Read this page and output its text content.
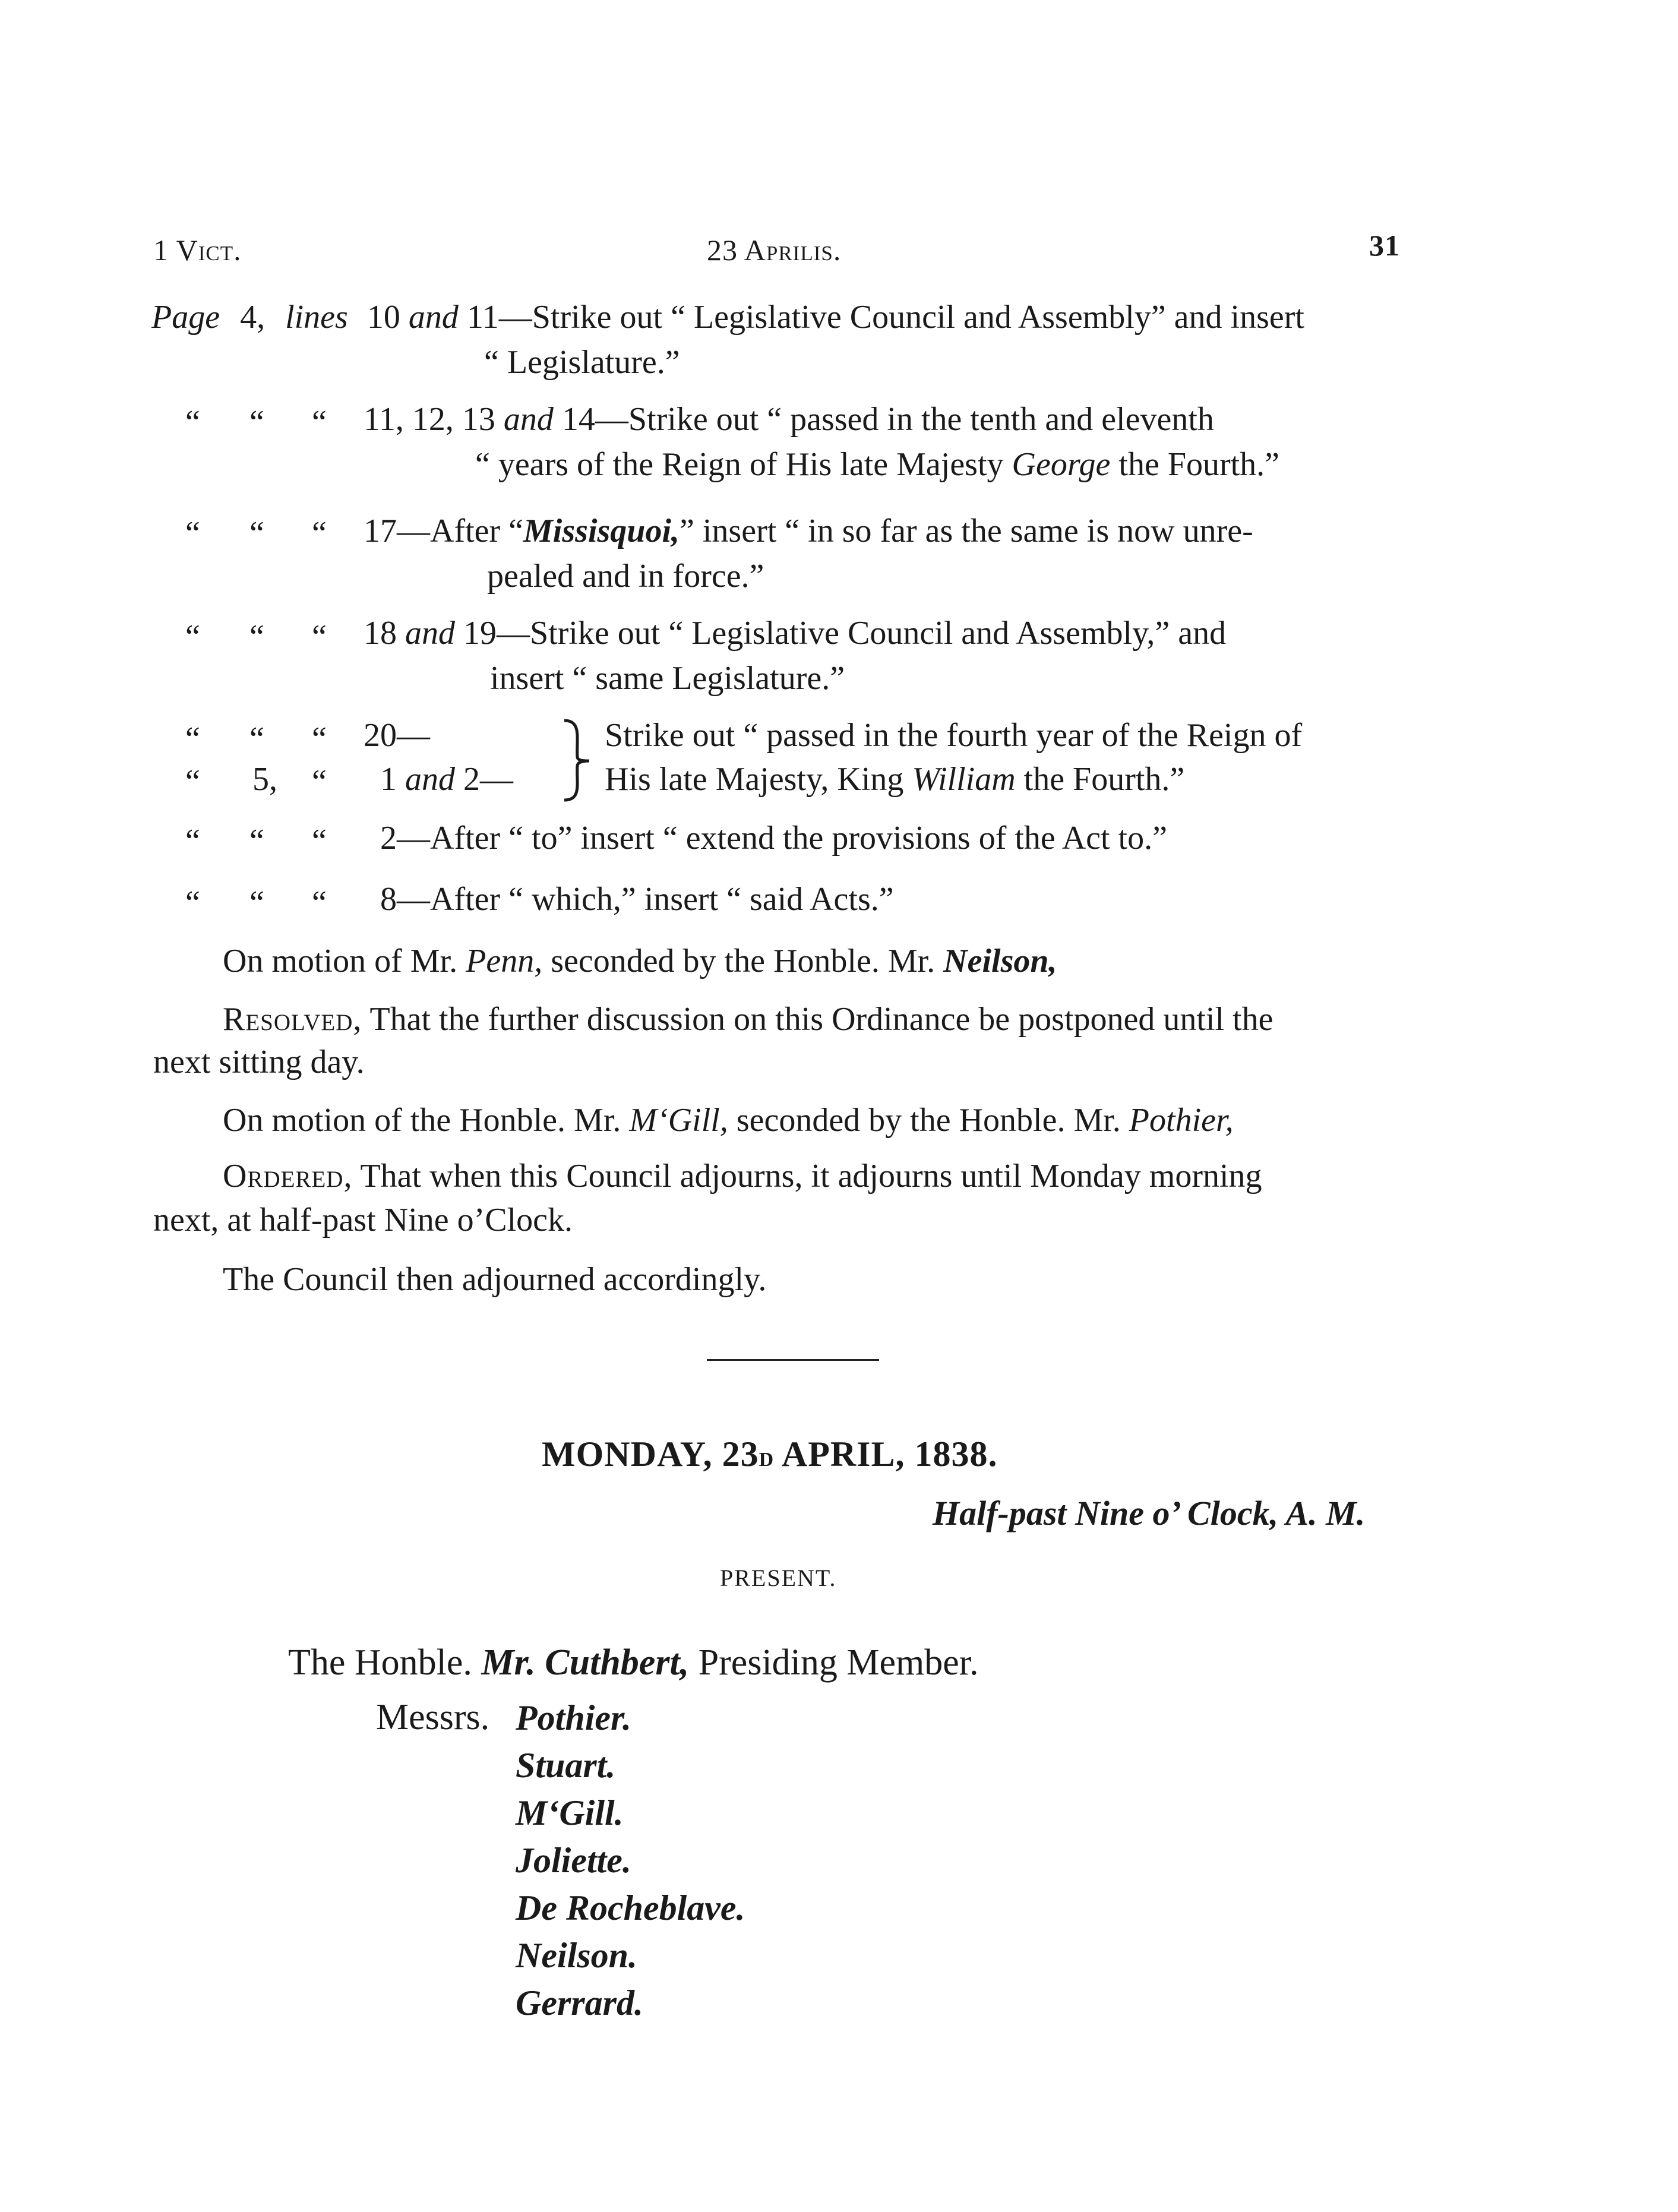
1 Vict.	23 Aprilis.	31
Page 4, lines 10 and 11—Strike out “ Legislative Council and Assembly” and insert
“ Legislature.”
“ “ “ 11, 12, 13 and 14—Strike out “ passed in the tenth and eleventh
“ years of the Reign of His late Majesty George the Fourth.”
“ “ “ 17—After “Missisquoi,” insert “ in so far as the same is now unre-
pealed and in force.”
“ “ “ 18 and 19—Strike out “ Legislative Council and Assembly,” and
insert “ same Legislature.”
“ “ “ 20—	Strike out “ passed in the fourth year of the Reign of
“ 5, “ 1 and 2—	His late Majesty, King William the Fourth.”
“ “ “ 2—After “ to” insert “ extend the provisions of the Act to.”
“ “ “ 8—After “ which,” insert “ said Acts.”
On motion of Mr. Penn, seconded by the Honble. Mr. Neilson,
Resolved, That the further discussion on this Ordinance be postponed until the
next sitting day.
On motion of the Honble. Mr. M‘Gill, seconded by the Honble. Mr. Pothier,
Ordered, That when this Council adjourns, it adjourns until Monday morning
next, at half-past Nine o’Clock.
The Council then adjourned accordingly.
MONDAY, 23d APRIL, 1838.
Half-past Nine o’ Clock, A. M.
PRESENT.
The Honble. Mr. Cuthbert, Presiding Member.
Messrs. Pothier.
Stuart.
M‘Gill.
Joliette.
De Rocheblave.
Neilson.
Gerrard.
